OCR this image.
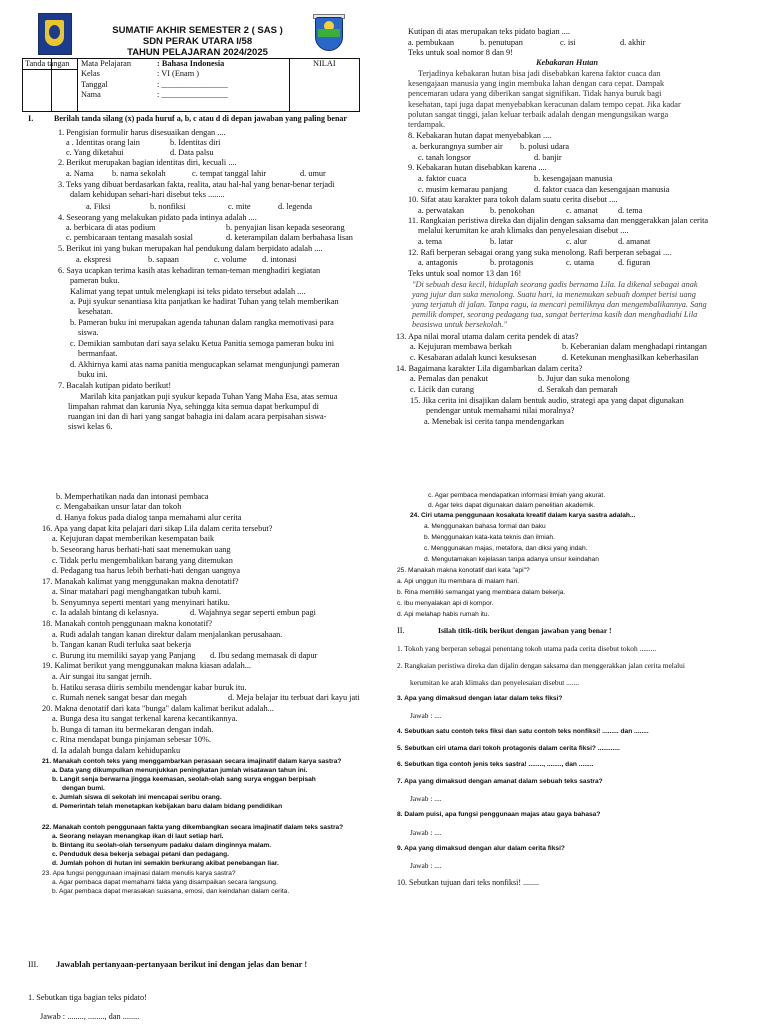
SUMATIF AKHIR SEMESTER 2 ( SAS )
SDN PERAK UTARA I/58
TAHUN PELAJARAN 2024/2025
Tanda tangan	NILAI
Mata Pelajaran	: Bahasa Indonesia
Kelas	: VI (Enam )
Tanggal	: ________________
Nama	: ________________
I.	Berilah tanda silang (x) pada huruf a, b, c atau d di depan jawaban yang paling benar
1. Pengisian formulir harus disesuaikan dengan ....
a . Identitas orang lain	b. Identitas diri
c. Yang diketahui	d. Data palsu
2. Berikut merupakan bagian identitas diri, kecuali ....
a. Nama b. nama sekolah	c. tempat tanggal lahir	d. umur
3. Teks yang dibuat berdasarkan fakta, realita, atau hal-hal yang benar-benar terjadi
dalam kehidupan sehari-hari disebut teks ........
a. Fiksi	b. nonfiksi	c. mite	d. legenda
4. Seseorang yang melakukan pidato pada intinya adalah ....
a. berbicara di atas podium	b. penyajian lisan kepada seseorang
c. pembicaraan tentang masalah sosial	d. keterampilan dalam berbahasa lisan
5. Berikut ini yang bukan merupakan hal pendukung dalam berpidato adalah ....
a. ekspresi	b. sapaan	c. volume d. intonasi
6. Saya ucapkan terima kasih atas kehadiran teman-teman menghadiri kegiatan
pameran buku.
Kalimat yang tepat untuk melengkapi isi teks pidato tersebut adalah ....
a. Puji syukur senantiasa kita panjatkan ke hadirat Tuhan yang telah memberikan
kesehatan.
b. Pameran buku ini merupakan agenda tahunan dalam rangka memotivasi para
siswa.
c. Demikian sambutan dari saya selaku Ketua Panitia semoga pameran buku ini
bermanfaat.
d. Akhirnya kami atas nama panitia mengucapkan selamat mengunjungi pameran
buku ini.
7. Bacalah kutipan pidato berikut!
Marilah kita panjatkan puji syukur kepada Tuhan Yang Maha Esa, atas semua
limpahan rahmat dan karunia Nya, sehingga kita semua dapat berkumpul di
ruangan ini dan di hari yang sangat bahagia ini dalam acara perpisahan siswa-
siswi kelas 6.
Kutipan di atas merupakan teks pidato bagian ....
a. pembukaan	b. penutupan	c. isi	d. akhir
Teks untuk soal nomor 8 dan 9!
Kebakaran Hutan
Terjadinya kebakaran hutan bisa jadi disebabkan karena faktor cuaca dan
kesengajaan manusia yang ingin membuka lahan dengan cara cepat. Dampak
pencemaran udara yang diberikan sangat signifikan. Tidak hanya buruk bagi
kesehatan, tapi juga dapat menyebabkan keracunan dalam tempo cepat. Jika kadar
polutan sangat tinggi, jalan keluar terbaik adalah dengan mengungsikan warga
terdampak.
8. Kebakaran hutan dapat menyebabkan ....
a. berkurangnya sumber air b. polusi udara
c. tanah longsor	d. banjir
9. Kebakaran hutan disebabkan karena ....
a. faktor cuaca	b. kesengajaan manusia
c. musim kemarau panjang	d. faktor cuaca dan kesengajaan manusia
10. Sifat atau karakter para tokoh dalam suatu cerita disebut ....
a. perwatakan	b. penokohan	c. amanat d. tema
11. Rangkaian peristiwa direka dan dijalin dengan saksama dan menggerakkan jalan cerita
melalui kerumitan ke arah klimaks dan penyelesaian disebut ....
a. tema	b. latar	c. alur	d. amanat
12. Rafi berperan sebagai orang yang suka menolong. Rafi berperan sebagai ....
a. antagonis	b. protagonis	c. utama	d. figuran
Teks untuk soal nomor 13 dan 16!
"Di sebuah desa kecil, hiduplah seorang gadis bernama Lila. Ia dikenal sebagai anak
yang jujur dan suka menolong. Suatu hari, ia menemukan sebuah dompet berisi uang
yang terjatuh di jalan. Tanpa ragu, ia mencari pemiliknya dan mengembalikannya. Sang
pemilik dompet, seorang pedagang tua, sangat berterima kasih dan menghadiahi Lila
beasiswa untuk bersekolah."
13. Apa nilai moral utama dalam cerita pendek di atas?
a. Kejujuran membawa berkah	b. Keberanian dalam menghadapi rintangan
c. Kesabaran adalah kunci kesuksesan	d. Ketekunan menghasilkan keberhasilan
14. Bagaimana karakter Lila digambarkan dalam cerita?
a. Pemalas dan penakut	b. Jujur dan suka menolong
c. Licik dan curang	d. Serakah dan pemarah
15. Jika cerita ini disajikan dalam bentuk audio, strategi apa yang dapat digunakan
pendengar untuk memahami nilai moralnya?
a. Menebak isi cerita tanpa mendengarkan
b. Memperhatikan nada dan intonasi pembaca
c. Mengabaikan unsur latar dan tokoh
d. Hanya fokus pada dialog tanpa memahami alur cerita
16. Apa yang dapat kita pelajari dari sikap Lila dalam cerita tersebut?
a. Kejujuran dapat memberikan kesempatan baik
b. Seseorang harus berhati-hati saat menemukan uang
c. Tidak perlu mengembalikan barang yang ditemukan
d. Pedagang tua harus lebih berhati-hati dengan uangnya
17. Manakah kalimat yang menggunakan makna denotatif?
a. Sinar matahari pagi menghangatkan tubuh kami.
b. Senyumnya seperti mentari yang menyinari hatiku.
c. Ia adalah bintang di kelasnya.	d. Wajahnya segar seperti embun pagi
18. Manakah contoh penggunaan makna konotatif?
a. Rudi adalah tangan kanan direktur dalam menjalankan perusahaan.
b. Tangan kanan Rudi terluka saat bekerja
c. Burung itu memiliki sayap yang Panjang d. Ibu sedang memasak di dapur
19. Kalimat berikut yang menggunakan makna kiasan adalah...
a. Air sungai itu sangat jernih.
b. Hatiku serasa diiris sembilu mendengar kabar buruk itu.
c. Rumah nenek sangat besar dan megah	d. Meja belajar itu terbuat dari kayu jati
20. Makna denotatif dari kata "bunga" dalam kalimat berikut adalah...
a. Bunga desa itu sangat terkenal karena kecantikannya.
b. Bunga di taman itu bermekaran dengan indah.
c. Rina mendapat bunga pinjaman sebesar 10%.
d. Ia adalah bunga dalam kehidupanku
21. Manakah contoh teks yang menggambarkan perasaan secara imajinatif dalam karya sastra?
a. Data yang dikumpulkan menunjukkan peningkatan jumlah wisatawan tahun ini.
b. Langit senja berwarna jingga keemasan, seolah-olah sang surya enggan berpisah
dengan bumi.
c. Jumlah siswa di sekolah ini mencapai seribu orang.
d. Pemerintah telah menetapkan kebijakan baru dalam bidang pendidikan
22. Manakah contoh penggunaan fakta yang dikembangkan secara imajinatif dalam teks sastra?
a. Seorang nelayan menangkap ikan di laut setiap hari.
b. Bintang itu seolah-olah tersenyum padaku dalam dinginnya malam.
c. Penduduk desa bekerja sebagai petani dan pedagang.
d. Jumlah pohon di hutan ini semakin berkurang akibat penebangan liar.
23. Apa fungsi penggunaan imajinasi dalam menulis karya sastra?
a. Agar pembaca dapat memahami fakta yang disampaikan secara langsung.
b. Agar pembaca dapat merasakan suasana, emosi, dan keindahan dalam cerita.
c. Agar pembaca mendapatkan informasi ilmiah yang akurat.
d. Agar teks dapat digunakan dalam penelitian akademik.
24. Ciri utama penggunaan kosakata kreatif dalam karya sastra adalah...
a. Menggunakan bahasa formal dan baku
b. Menggunakan kata-kata teknis dan ilmiah.
c. Menggunakan majas, metafora, dan diksi yang indah.
d. Mengutamakan kejelasan tanpa adanya unsur keindahan
25. Manakah makna konotatif dari kata "api"?
a. Api unggun itu membara di malam hari.
b. Rina memiliki semangat yang membara dalam bekerja.
c. Ibu menyalakan api di kompor.
d. Api melahap habis rumah itu.
II.	Isilah titik-titik berikut dengan jawaban yang benar !
1. Tokoh yang berperan sebagai penentang tokoh utama pada cerita disebut tokoh .........
2. Rangkaian peristiwa direka dan dijalin dengan saksama dan menggerakkan jalan cerita melalui
kerumitan ke arah klimaks dan penyelesaian disebut .......
3. Apa yang dimaksud dengan latar dalam teks fiksi?
Jawab : ....
4. Sebutkan satu contoh teks fiksi dan satu contoh teks nonfiksi! ......... dan ........
5. Sebutkan ciri utama dari tokoh protagonis dalam cerita fiksi? ............
6. Sebutkan tiga contoh jenis teks sastra! ........, ........, dan ........
7. Apa yang dimaksud dengan amanat dalam sebuah teks sastra?
Jawab : ....
8. Dalam puisi, apa fungsi penggunaan majas atau gaya bahasa?
Jawab : ....
9. Apa yang dimaksud dengan alur dalam cerita fiksi?
Jawab : ....
10. Sebutkan tujuan dari teks nonfiksi! ........
III. Jawablah pertanyaan-pertanyaan berikut ini dengan jelas dan benar !
1. Sebutkan tiga bagian teks pidato!
Jawab : ........, ........, dan ........
